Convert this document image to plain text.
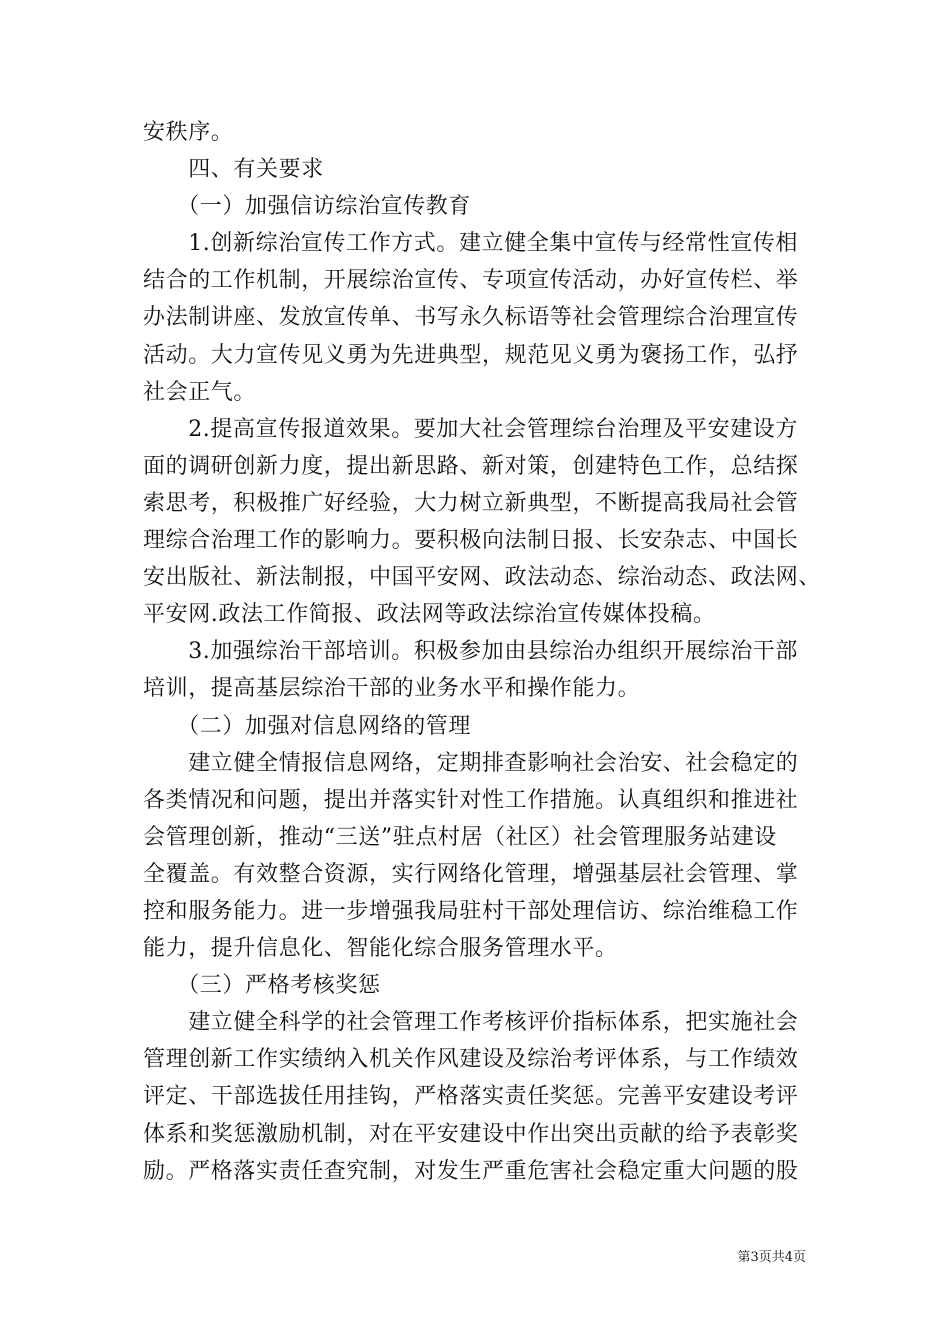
安秩序。
　　四、有关要求
　　（一）加强信访综治宣传教育
　　1.创新综治宣传工作方式。建立健全集中宣传与经常性宣传相
结合的工作机制，开展综治宣传、专项宣传活动，办好宣传栏、举
办法制讲座、发放宣传单、书写永久标语等社会管理综合治理宣传
活动。大力宣传见义勇为先进典型，规范见义勇为褒扬工作，弘抒
社会正气。
　　2.提高宣传报道效果。要加大社会管理综台治理及平安建设方
面的调研创新力度，提出新思路、新对策，创建特色工作，总结探
索思考，积极推广好经验，大力树立新典型，不断提高我局社会管
理综合治理工作的影响力。要积极向法制日报、长安杂志、中国长
安出版社、新法制报，中国平安网、政法动态、综治动态、政法网、
平安网.政法工作简报、政法网等政法综治宣传媒体投稿。
　　3.加强综治干部培训。积极参加由县综治办组织开展综治干部
培训，提高基层综治干部的业务水平和操作能力。
　　（二）加强对信息网络的管理
　　建立健全情报信息网络，定期排查影响社会治安、社会稳定的
各类情况和问题，提出并落实针对性工作措施。认真组织和推进社
会管理创新，推动“三送”驻点村居（社区）社会管理服务站建设
全覆盖。有效整合资源，实行网络化管理，增强基层社会管理、掌
控和服务能力。进一步增强我局驻村干部处理信访、综治维稳工作
能力，提升信息化、智能化综合服务管理水平。
　　（三）严格考核奖惩
　　建立健全科学的社会管理工作考核评价指标体系，把实施社会
管理创新工作实绩纳入机关作风建设及综治考评体系，与工作绩效
评定、干部选拔任用挂钩，严格落实责任奖惩。完善平安建设考评
体系和奖惩激励机制，对在平安建设中作出突出贡献的给予表彰奖
励。严格落实责任查究制，对发生严重危害社会稳定重大问题的股
第3页共4页
